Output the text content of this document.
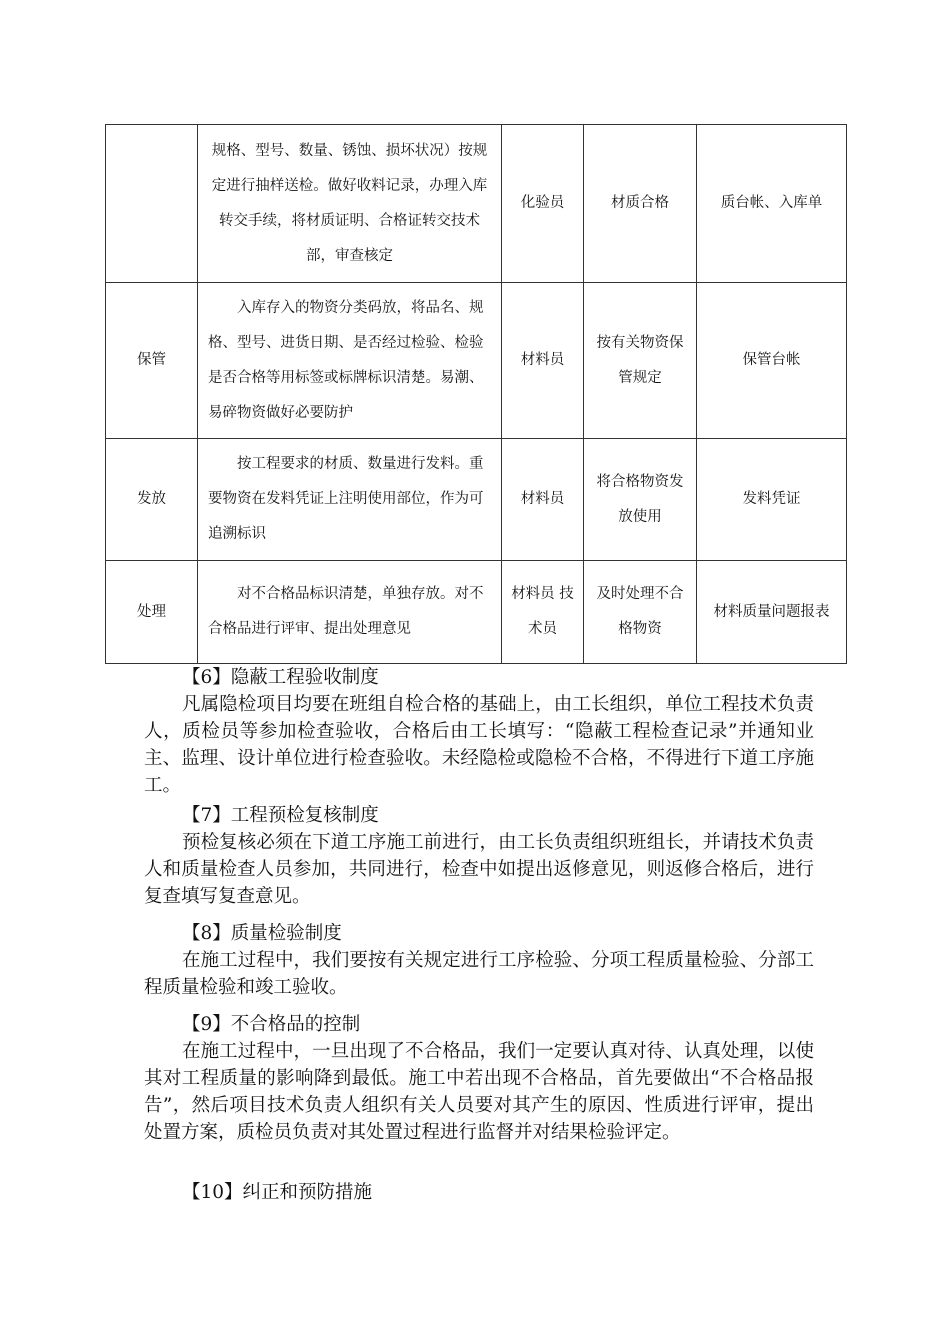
	规格、型号、数量、锈蚀、损坏状况）按规定进行抽样送检。做好收料记录，办理入库转交手续，将材质证明、合格证转交技术部，审查核定	化验员	材质合格	质台帐、入库单
保管	入库存入的物资分类码放，将品名、规格、型号、进货日期、是否经过检验、检验是否合格等用标签或标牌标识清楚。易潮、易碎物资做好必要防护	材料员	按有关物资保管规定	保管台帐
发放	按工程要求的材质、数量进行发料。重要物资在发料凭证上注明使用部位，作为可追溯标识	材料员	将合格物资发放使用	发料凭证
处理	对不合格品标识清楚，单独存放。对不合格品进行评审、提出处理意见	材料员 技术员	及时处理不合格物资	材料质量问题报表
【6】隐蔽工程验收制度

凡属隐检项目均要在班组自检合格的基础上，由工长组织，单位工程技术负责人，质检员等参加检查验收，合格后由工长填写：“隐蔽工程检查记录”并通知业主、监理、设计单位进行检查验收。未经隐检或隐检不合格，不得进行下道工序施工。

【7】工程预检复核制度

预检复核必须在下道工序施工前进行，由工长负责组织班组长，并请技术负责人和质量检查人员参加，共同进行，检查中如提出返修意见，则返修合格后，进行复查填写复查意见。

【8】质量检验制度

在施工过程中，我们要按有关规定进行工序检验、分项工程质量检验、分部工程质量检验和竣工验收。

【9】不合格品的控制

在施工过程中，一旦出现了不合格品，我们一定要认真对待、认真处理，以使其对工程质量的影响降到最低。施工中若出现不合格品，首先要做出“不合格品报告”，然后项目技术负责人组织有关人员要对其产生的原因、性质进行评审，提出处置方案，质检员负责对其处置过程进行监督并对结果检验评定。

【10】纠正和预防措施
